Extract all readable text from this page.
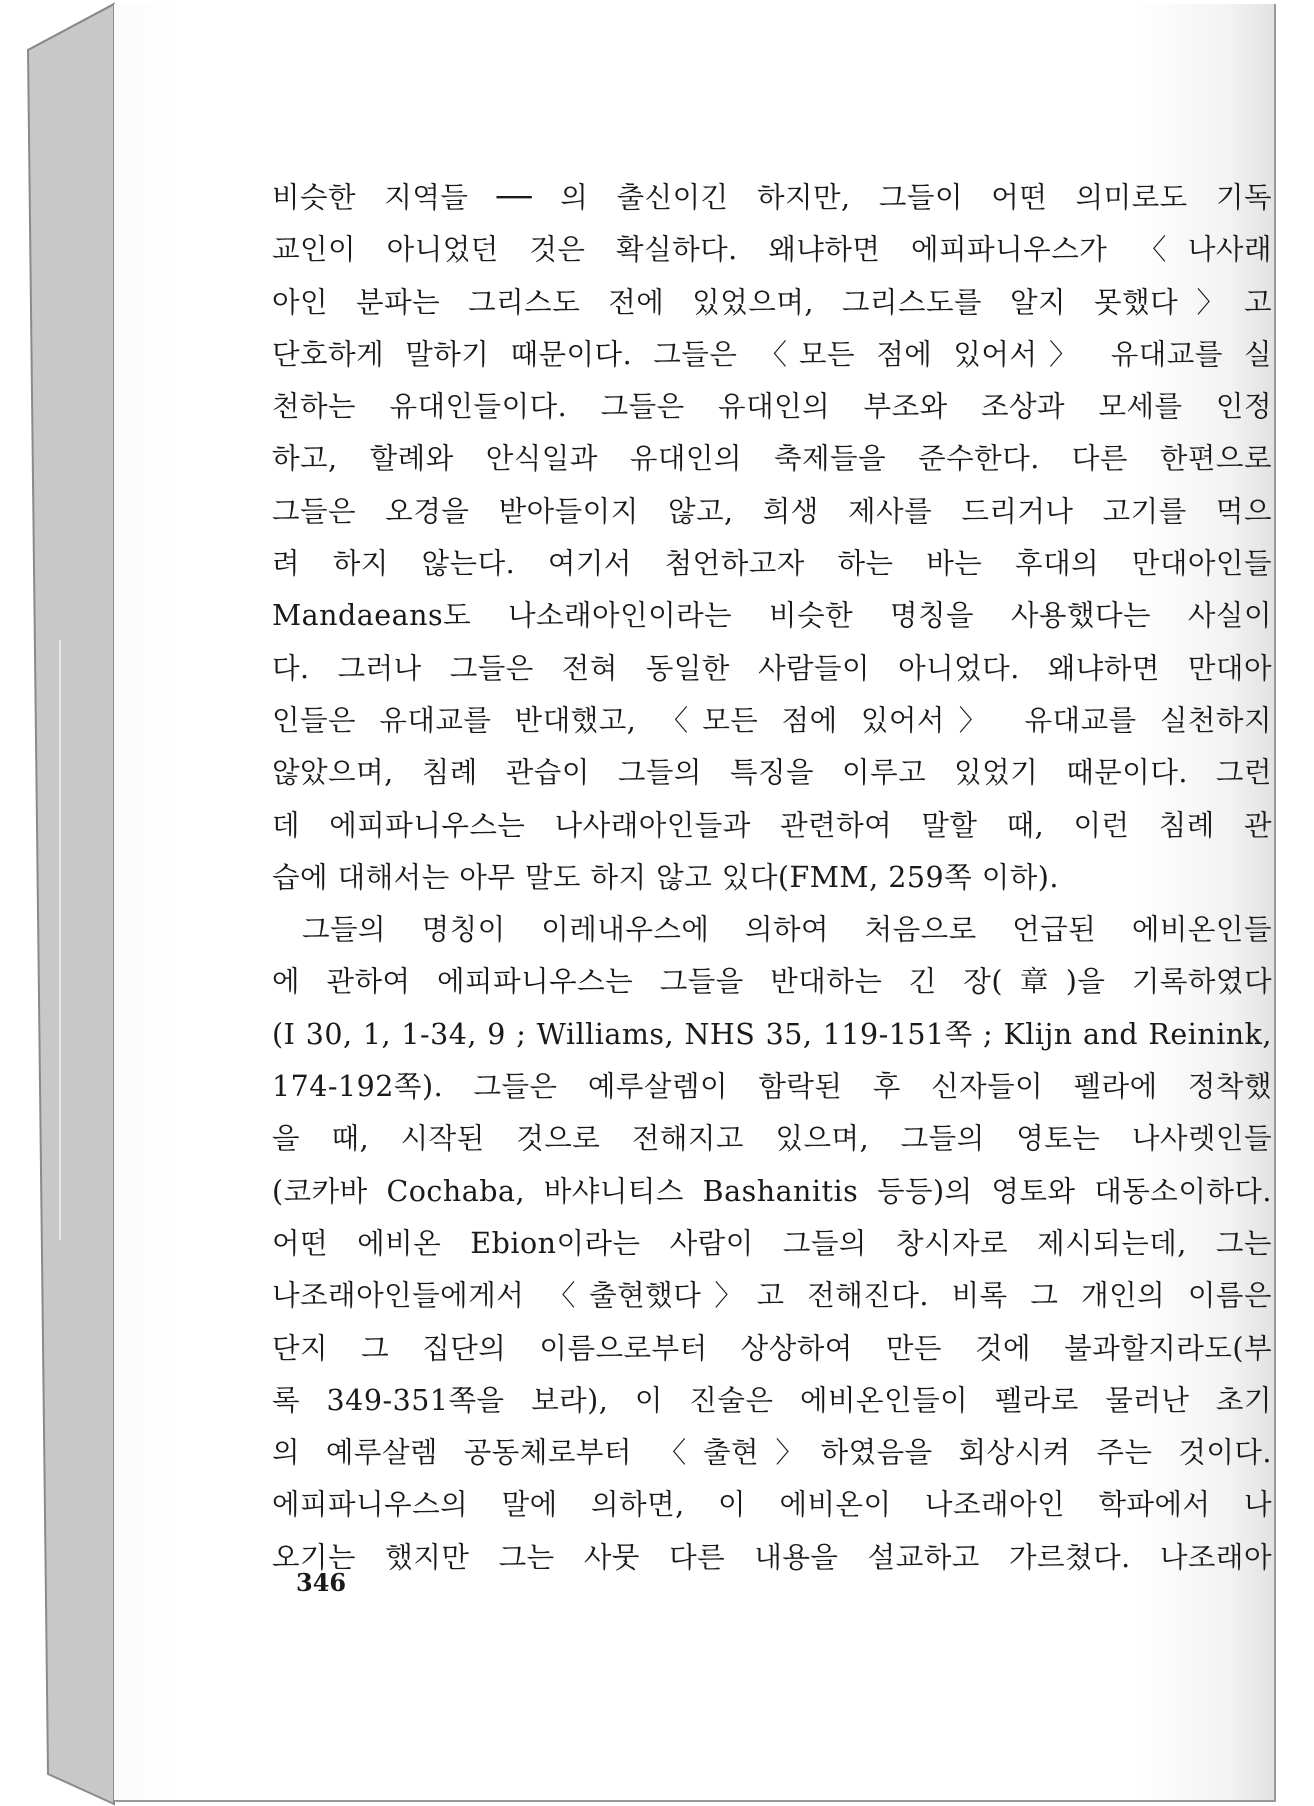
비슷한 지역들 ── 의 출신이긴 하지만, 그들이 어떤 의미로도 기독
교인이 아니었던 것은 확실하다. 왜냐하면 에피파니우스가 〈나사래
아인 분파는 그리스도 전에 있었으며, 그리스도를 알지 못했다〉고
단호하게 말하기 때문이다. 그들은 〈모든 점에 있어서〉 유대교를 실
천하는 유대인들이다. 그들은 유대인의 부조와 조상과 모세를 인정
하고, 할례와 안식일과 유대인의 축제들을 준수한다. 다른 한편으로
그들은 오경을 받아들이지 않고, 희생 제사를 드리거나 고기를 먹으
려 하지 않는다. 여기서 첨언하고자 하는 바는 후대의 만대아인들
Mandaeans도 나소래아인이라는 비슷한 명칭을 사용했다는 사실이
다. 그러나 그들은 전혀 동일한 사람들이 아니었다. 왜냐하면 만대아
인들은 유대교를 반대했고, 〈모든 점에 있어서〉 유대교를 실천하지
않았으며, 침례 관습이 그들의 특징을 이루고 있었기 때문이다. 그런
데 에피파니우스는 나사래아인들과 관련하여 말할 때, 이런 침례 관
습에 대해서는 아무 말도 하지 않고 있다(FMM, 259쪽 이하).
그들의 명칭이 이레내우스에 의하여 처음으로 언급된 에비온인들
에 관하여 에피파니우스는 그들을 반대하는 긴 장(章)을 기록하였다
(I 30, 1, 1-34, 9 ; Williams, NHS 35, 119-151쪽 ; Klijn and Reinink,
174-192쪽). 그들은 예루살렘이 함락된 후 신자들이 펠라에 정착했
을 때, 시작된 것으로 전해지고 있으며, 그들의 영토는 나사렛인들
(코카바 Cochaba, 바샤니티스 Bashanitis 등등)의 영토와 대동소이하다.
어떤 에비온 Ebion이라는 사람이 그들의 창시자로 제시되는데, 그는
나조래아인들에게서 〈출현했다〉고 전해진다. 비록 그 개인의 이름은
단지 그 집단의 이름으로부터 상상하여 만든 것에 불과할지라도(부
록 349-351쪽을 보라), 이 진술은 에비온인들이 펠라로 물러난 초기
의 예루살렘 공동체로부터 〈출현〉하였음을 회상시켜 주는 것이다.
에피파니우스의 말에 의하면, 이 에비온이 나조래아인 학파에서 나
오기는 했지만 그는 사뭇 다른 내용을 설교하고 가르쳤다. 나조래아
346
